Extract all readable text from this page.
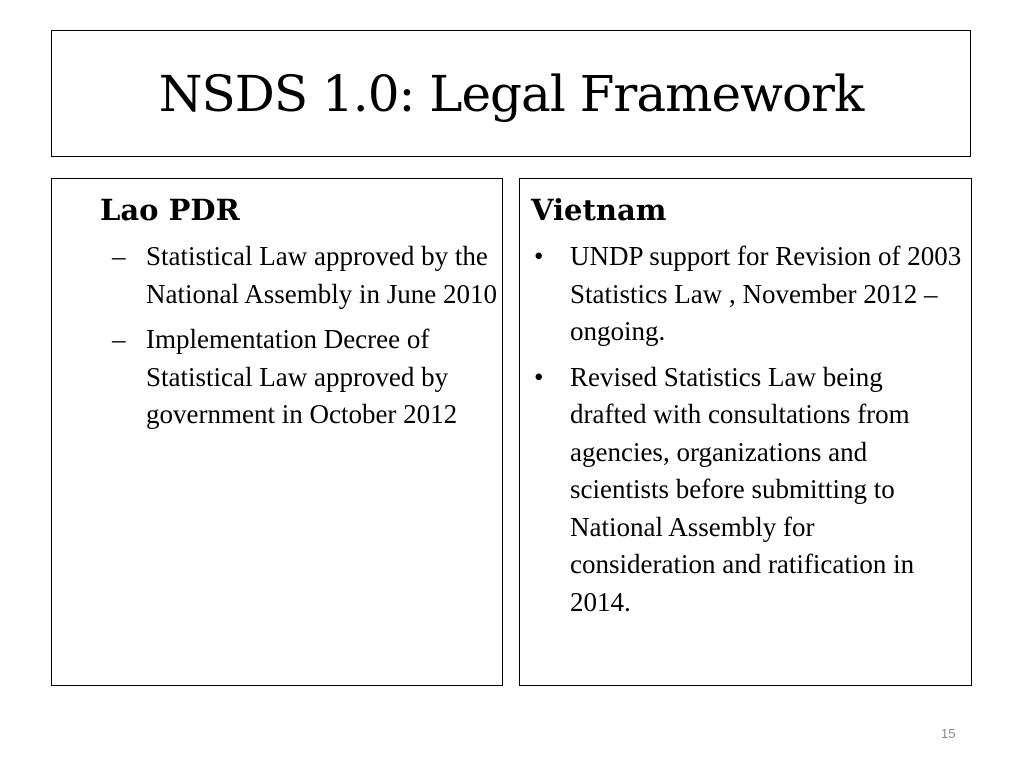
NSDS 1.0: Legal Framework
Lao PDR
– Statistical Law approved by the National Assembly in June 2010
– Implementation Decree of Statistical Law approved by government in October 2012
Vietnam
• UNDP support for Revision of 2003 Statistics Law , November 2012 – ongoing.
• Revised Statistics Law being drafted with consultations from agencies, organizations and scientists before submitting to National Assembly for consideration and ratification in 2014.
15
